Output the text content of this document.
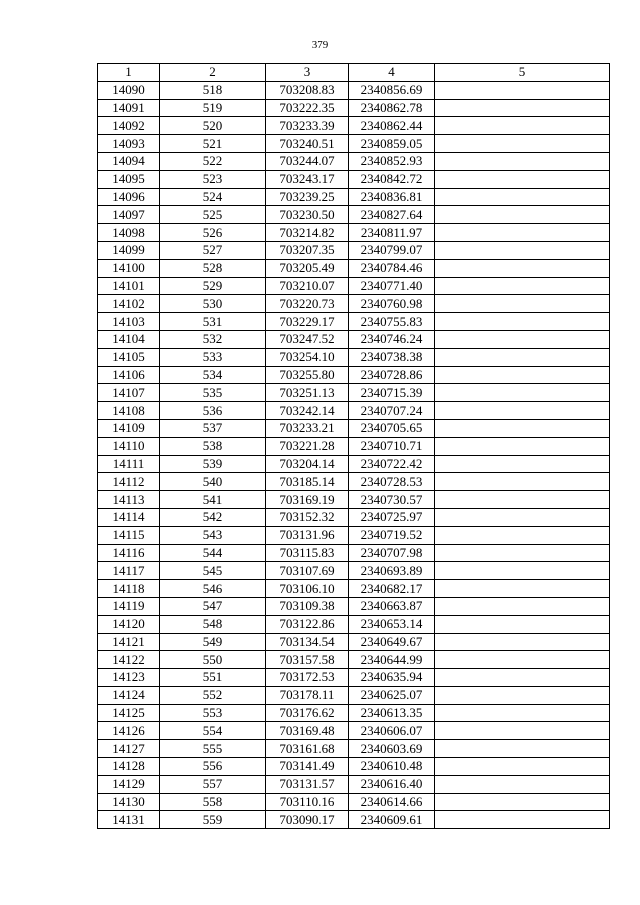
379
1	2	3	4	5
14090	518	703208.83	2340856.69	
14091	519	703222.35	2340862.78	
14092	520	703233.39	2340862.44	
14093	521	703240.51	2340859.05	
14094	522	703244.07	2340852.93	
14095	523	703243.17	2340842.72	
14096	524	703239.25	2340836.81	
14097	525	703230.50	2340827.64	
14098	526	703214.82	2340811.97	
14099	527	703207.35	2340799.07	
14100	528	703205.49	2340784.46	
14101	529	703210.07	2340771.40	
14102	530	703220.73	2340760.98	
14103	531	703229.17	2340755.83	
14104	532	703247.52	2340746.24	
14105	533	703254.10	2340738.38	
14106	534	703255.80	2340728.86	
14107	535	703251.13	2340715.39	
14108	536	703242.14	2340707.24	
14109	537	703233.21	2340705.65	
14110	538	703221.28	2340710.71	
14111	539	703204.14	2340722.42	
14112	540	703185.14	2340728.53	
14113	541	703169.19	2340730.57	
14114	542	703152.32	2340725.97	
14115	543	703131.96	2340719.52	
14116	544	703115.83	2340707.98	
14117	545	703107.69	2340693.89	
14118	546	703106.10	2340682.17	
14119	547	703109.38	2340663.87	
14120	548	703122.86	2340653.14	
14121	549	703134.54	2340649.67	
14122	550	703157.58	2340644.99	
14123	551	703172.53	2340635.94	
14124	552	703178.11	2340625.07	
14125	553	703176.62	2340613.35	
14126	554	703169.48	2340606.07	
14127	555	703161.68	2340603.69	
14128	556	703141.49	2340610.48	
14129	557	703131.57	2340616.40	
14130	558	703110.16	2340614.66	
14131	559	703090.17	2340609.61	
